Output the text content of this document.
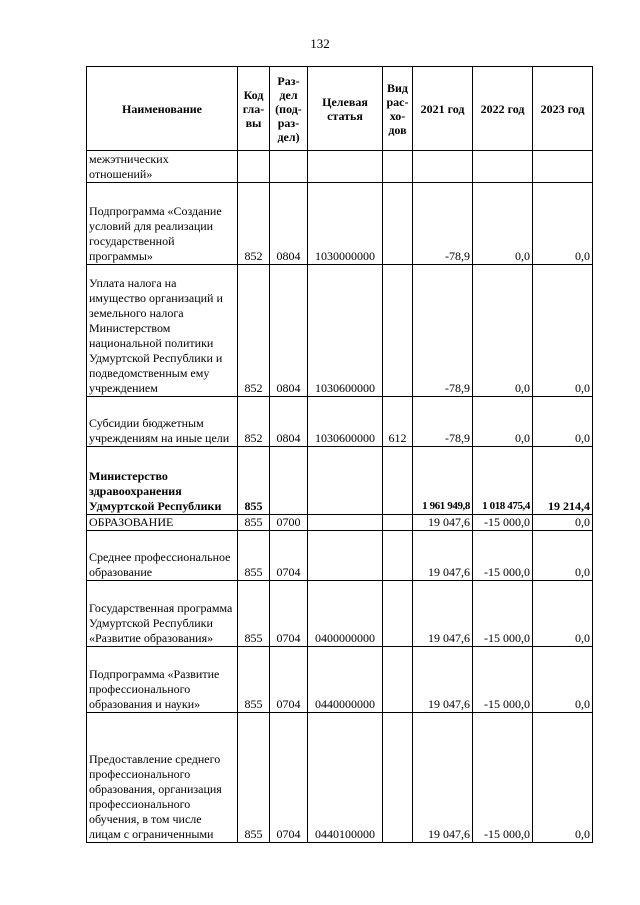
132
Наименование	Код гла- вы	Раз- дел (под- раз- дел)	Целевая статья	Вид рас- хо- дов	2021 год	2022 год	2023 год
межэтнических отношений»							
Подпрограмма «Создание условий для реализации государственной программы»	852	0804	1030000000		-78,9	0,0	0,0
Уплата налога на имущество организаций и земельного налога Министерством национальной политики Удмуртской Республики и подведомственным ему учреждением	852	0804	1030600000		-78,9	0,0	0,0
Субсидии бюджетным учреждениям на иные цели	852	0804	1030600000	612	-78,9	0,0	0,0
Министерство здравоохранения Удмуртской Республики	855				1 961 949,8	1 018 475,4	19 214,4
ОБРАЗОВАНИЕ	855	0700			19 047,6	-15 000,0	0,0
Среднее профессиональное образование	855	0704			19 047,6	-15 000,0	0,0
Государственная программа Удмуртской Республики «Развитие образования»	855	0704	0400000000		19 047,6	-15 000,0	0,0
Подпрограмма «Развитие профессионального образования и науки»	855	0704	0440000000		19 047,6	-15 000,0	0,0
Предоставление среднего профессионального образования, организация профессионального обучения, в том числе лицам с ограниченными	855	0704	0440100000		19 047,6	-15 000,0	0,0
